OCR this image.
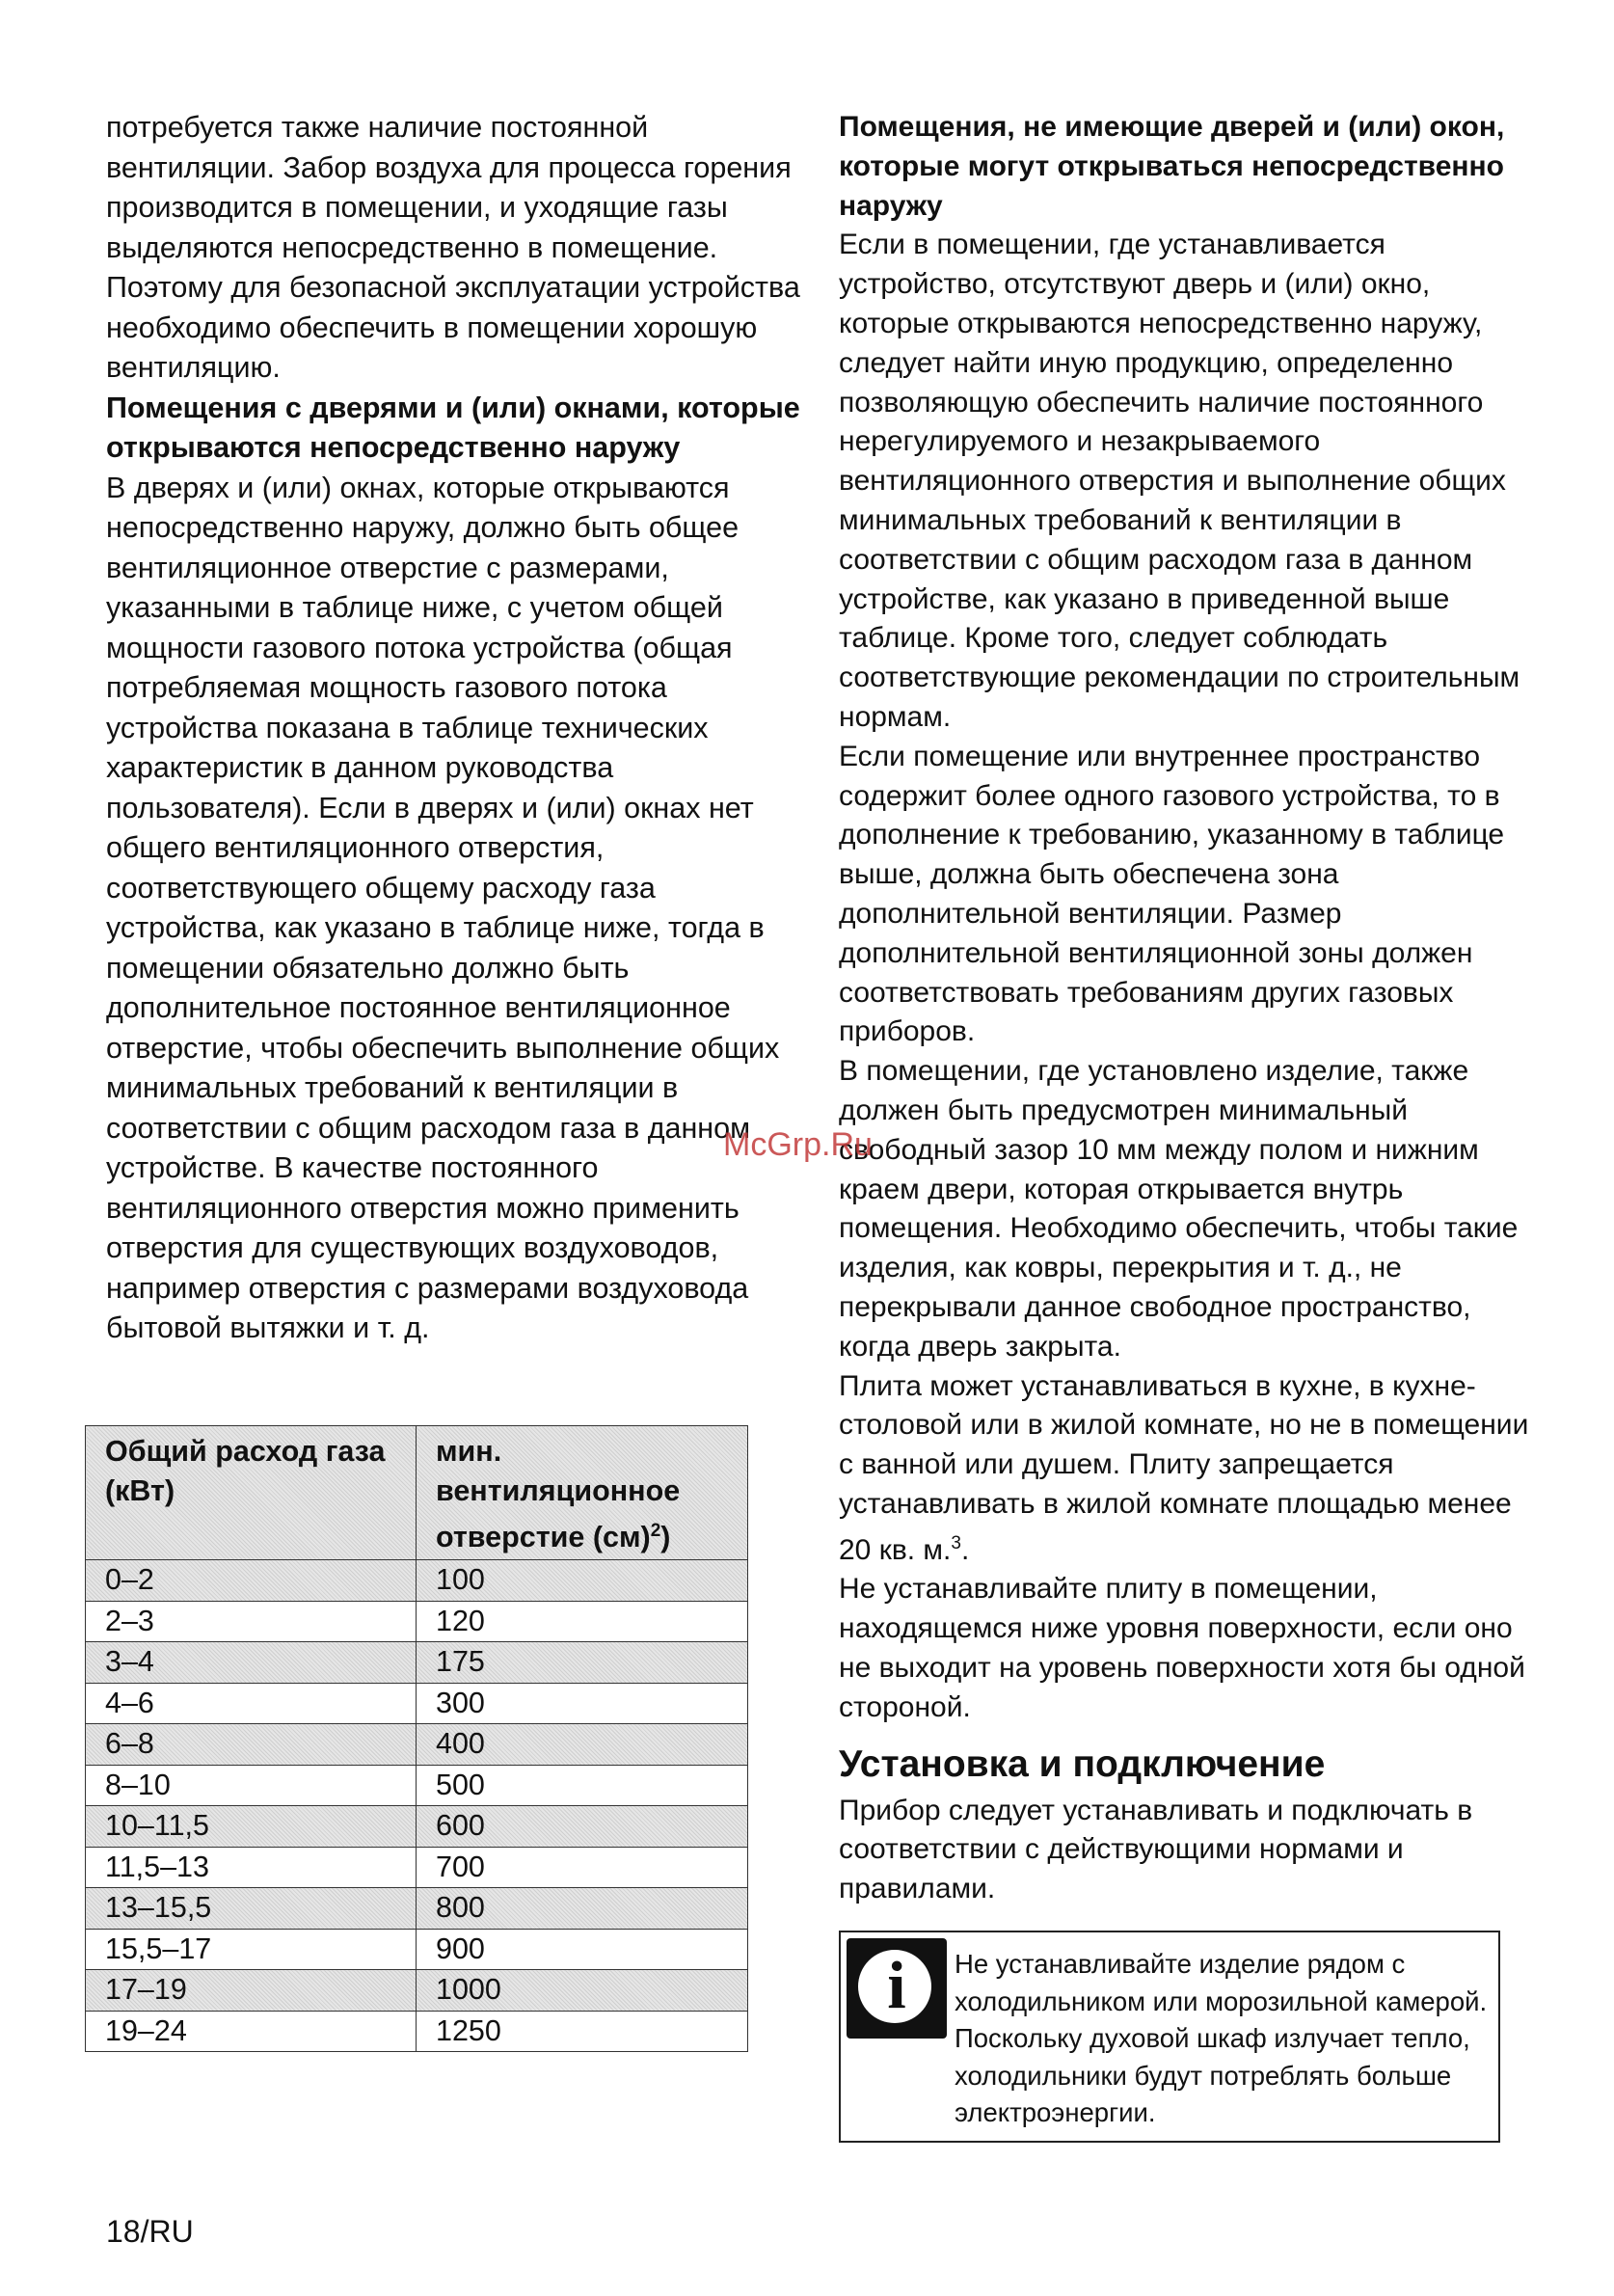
потребуется также наличие постоянной вентиляции. Забор воздуха для процесса горения производится в помещении, и уходящие газы выделяются непосредственно в помещение. Поэтому для безопасной эксплуатации устройства необходимо обеспечить в помещении хорошую вентиляцию.

Помещения с дверями и (или) окнами, которые открываются непосредственно наружу

В дверях и (или) окнах, которые открываются непосредственно наружу, должно быть общее вентиляционное отверстие с размерами, указанными в таблице ниже, с учетом общей мощности газового потока устройства (общая потребляемая мощность газового потока устройства показана в таблице технических характеристик в данном руководства пользователя). Если в дверях и (или) окнах нет общего вентиляционного отверстия, соответствующего общему расходу газа устройства, как указано в таблице ниже, тогда в помещении обязательно должно быть дополнительное постоянное вентиляционное отверстие, чтобы обеспечить выполнение общих минимальных требований к вентиляции в соответствии с общим расходом газа в данном устройстве. В качестве постоянного вентиляционного отверстия можно применить отверстия для существующих воздуховодов, например отверстия с размерами воздуховода бытовой вытяжки и т. д.

Общий расход газа (кВт)	мин. вентиляционное отверстие (см)$^2$)
0–2	100
2–3	120
3–4	175
4–6	300
6–8	400
8–10	500
10–11,5	600
11,5–13	700
13–15,5	800
15,5–17	900
17–19	1000
19–24	1250
Помещения, не имеющие дверей и (или) окон, которые могут открываться непосредственно наружу

Если в помещении, где устанавливается устройство, отсутствуют дверь и (или) окно, которые открываются непосредственно наружу, следует найти иную продукцию, определенно позволяющую обеспечить наличие постоянного нерегулируемого и незакрываемого вентиляционного отверстия и выполнение общих минимальных требований к вентиляции в соответствии с общим расходом газа в данном устройстве, как указано в приведенной выше таблице. Кроме того, следует соблюдать соответствующие рекомендации по строительным нормам.

Если помещение или внутреннее пространство содержит более одного газового устройства, то в дополнение к требованию, указанному в таблице выше, должна быть обеспечена зона дополнительной вентиляции. Размер дополнительной вентиляционной зоны должен соответствовать требованиям других газовых приборов.

В помещении, где установлено изделие, также должен быть предусмотрен минимальный свободный зазор 10 мм между полом и нижним краем двери, которая открывается внутрь помещения. Необходимо обеспечить, чтобы такие изделия, как ковры, перекрытия и т. д., не перекрывали данное свободное пространство, когда дверь закрыта.

Плита может устанавливаться в кухне, в кухне-столовой или в жилой комнате, но не в помещении с ванной или душем. Плиту запрещается устанавливать в жилой комнате площадью менее 20 кв. м.$^3$.

Не устанавливайте плиту в помещении, находящемся ниже уровня поверхности, если оно не выходит на уровень поверхности хотя бы одной стороной.

Установка и подключение

Прибор следует устанавливать и подключать в соответствии с действующими нормами и правилами.

i	Не устанавливайте изделие рядом с холодильником или морозильной камерой. Поскольку духовой шкаф излучает тепло, холодильники будут потреблять больше электроэнергии.
McGrp.Ru
18/RU
